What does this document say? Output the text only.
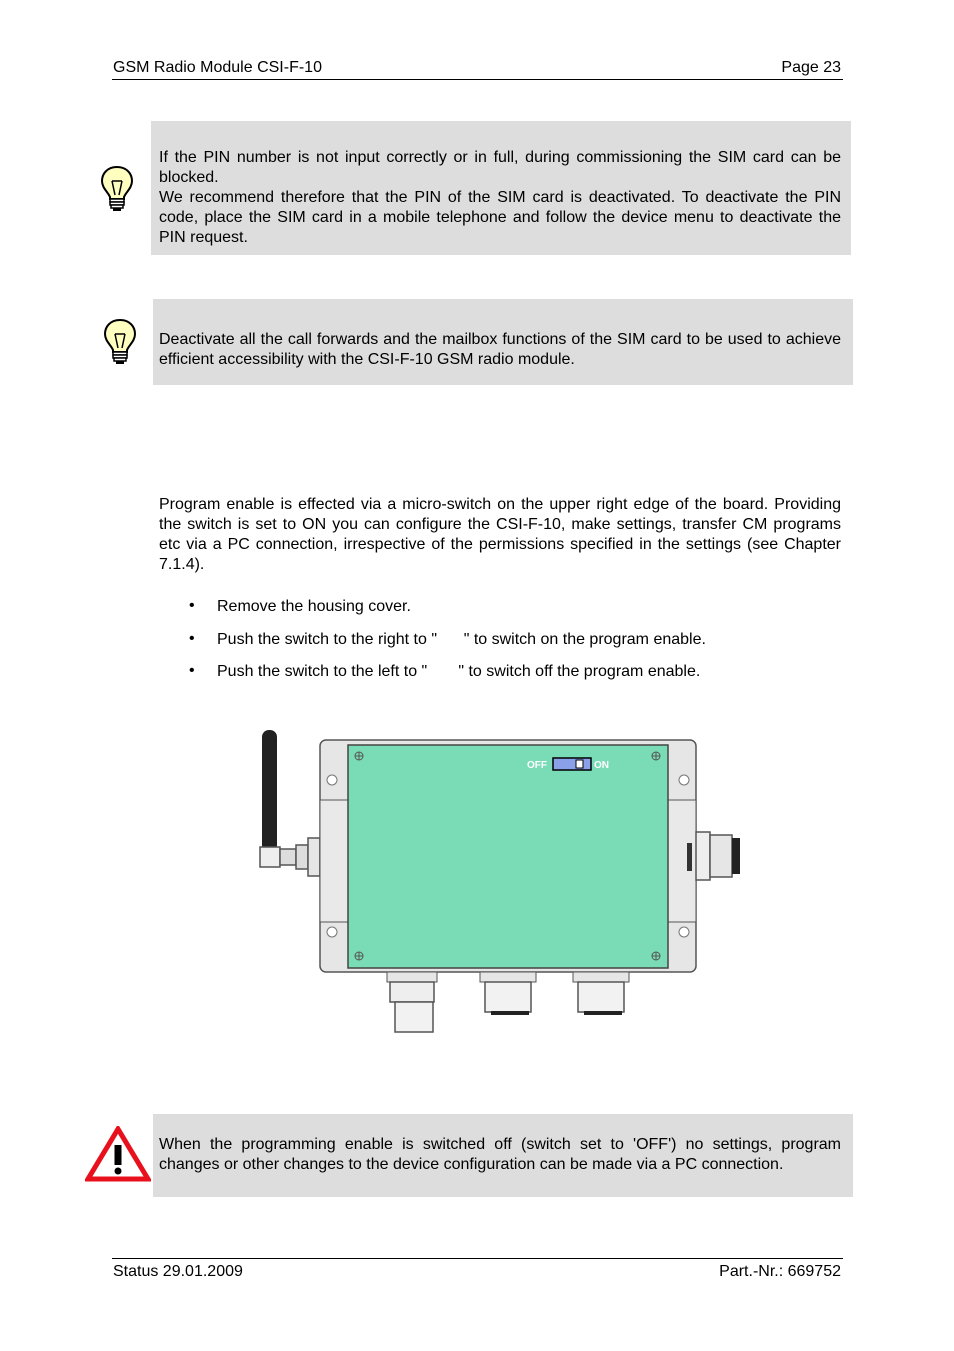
GSM Radio Module CSI-F-10	Page 23
If the PIN number is not input correctly or in full, during commissioning the SIM card can be blocked.
We recommend therefore that the PIN of the SIM card is deactivated. To deactivate the PIN code, place the SIM card in a mobile telephone and follow the device menu to deactivate the PIN request.
Deactivate all the call forwards and the mailbox functions of the SIM card to be used to achieve efficient accessibility with the CSI-F-10 GSM radio module.
Program enable is effected via a micro-switch on the upper right edge of the board. Providing the switch is set to ON you can configure the CSI-F-10, make settings, transfer CM programs etc via a PC connection, irrespective of the permissions specified in the settings (see Chapter 7.1.4).
• Remove the housing cover.
• Push the switch to the right to "      " to switch on the program enable.
• Push the switch to the left to "       " to switch off the program enable.
OFF	ON
When the programming enable is switched off (switch set to 'OFF') no settings, program changes or other changes to the device configuration can be made via a PC connection.
Status 29.01.2009	Part.-Nr.: 669752
